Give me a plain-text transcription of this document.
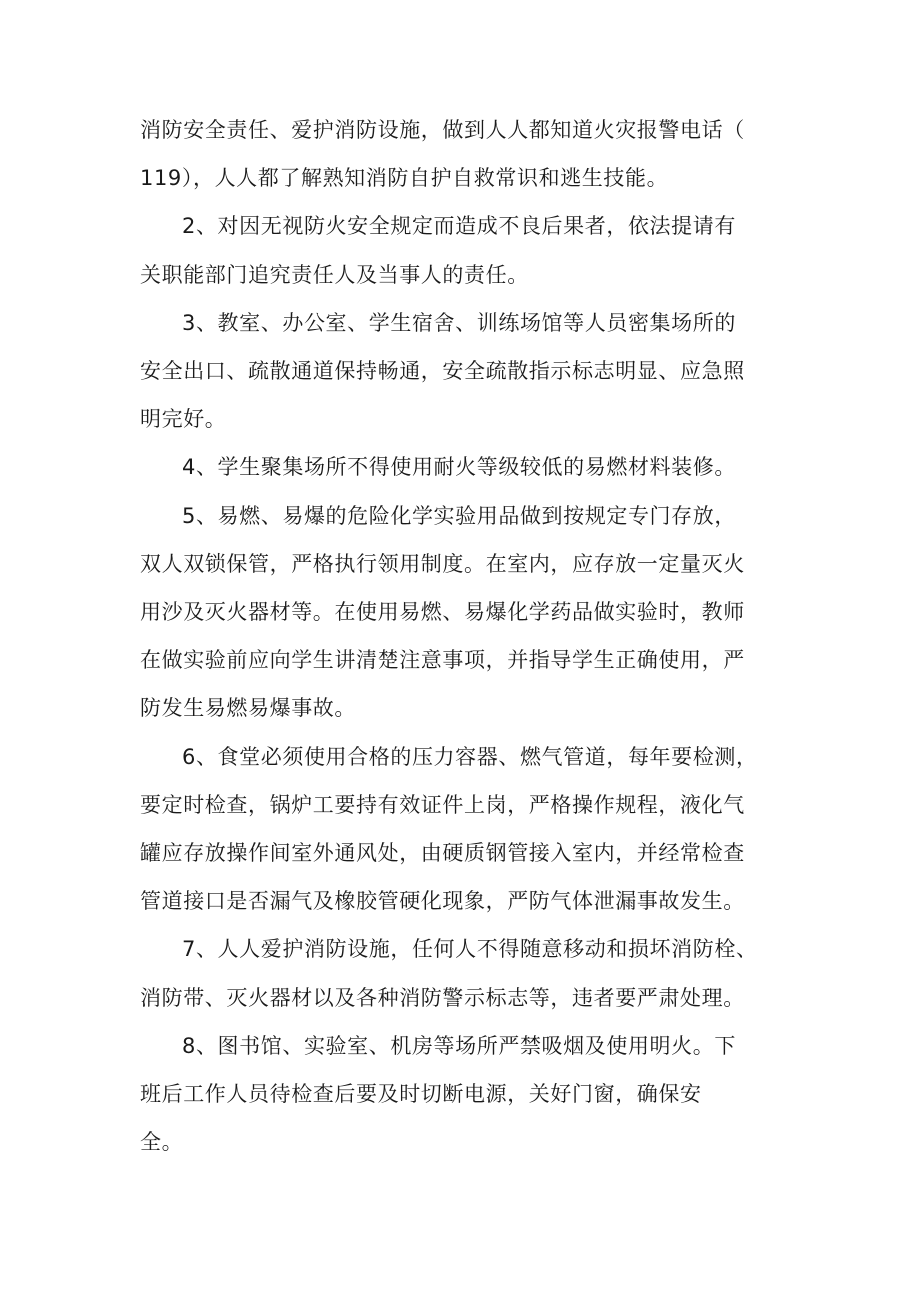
消防安全责任、爱护消防设施，做到人人都知道火灾报警电话（
119），人人都了解熟知消防自护自救常识和逃生技能。

2、对因无视防火安全规定而造成不良后果者，依法提请有
关职能部门追究责任人及当事人的责任。

3、教室、办公室、学生宿舍、训练场馆等人员密集场所的
安全出口、疏散通道保持畅通，安全疏散指示标志明显、应急照
明完好。

4、学生聚集场所不得使用耐火等级较低的易燃材料装修。

5、易燃、易爆的危险化学实验用品做到按规定专门存放，
双人双锁保管，严格执行领用制度。在室内，应存放一定量灭火
用沙及灭火器材等。在使用易燃、易爆化学药品做实验时，教师
在做实验前应向学生讲清楚注意事项，并指导学生正确使用，严
防发生易燃易爆事故。

6、食堂必须使用合格的压力容器、燃气管道，每年要检测，
要定时检查，锅炉工要持有效证件上岗，严格操作规程，液化气
罐应存放操作间室外通风处，由硬质钢管接入室内，并经常检查
管道接口是否漏气及橡胶管硬化现象，严防气体泄漏事故发生。

7、人人爱护消防设施，任何人不得随意移动和损坏消防栓、
消防带、灭火器材以及各种消防警示标志等，违者要严肃处理。

8、图书馆、实验室、机房等场所严禁吸烟及使用明火。下
班后工作人员待检查后要及时切断电源，关好门窗，确保安
全。
